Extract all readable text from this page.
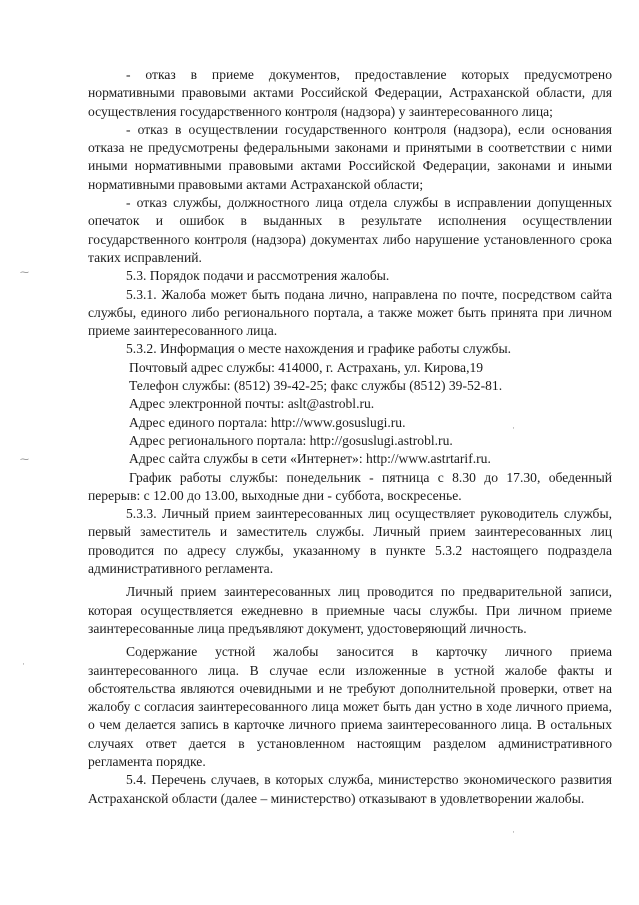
⁓
⁓
·
·
·

- отказ в приеме документов, предоставление которых предусмотрено нормативными правовыми актами Российской Федерации, Астраханской области, для осуществления государственного контроля (надзора) у заинтересованного лица;

- отказ в осуществлении государственного контроля (надзора), если основания отказа не предусмотрены федеральными законами и принятыми в соответствии с ними иными нормативными правовыми актами Российской Федерации, законами и иными нормативными правовыми актами Астраханской области;

- отказ службы, должностного лица отдела службы в исправлении допущенных опечаток и ошибок в выданных в результате исполнения осуществлении государственного контроля (надзора) документах либо нарушение установленного срока таких исправлений.

5.3. Порядок подачи и рассмотрения жалобы.

5.3.1. Жалоба может быть подана лично, направлена по почте, посредством сайта службы, единого либо регионального портала, а также может быть принята при личном приеме заинтересованного лица.

5.3.2. Информация о месте нахождения и графике работы службы.

Почтовый адрес службы: 414000, г. Астрахань, ул. Кирова,19

Телефон службы: (8512) 39-42-25; факс службы (8512) 39-52-81.

Адрес электронной почты: aslt@astrobl.ru.

Адрес единого портала: http://www.gosuslugi.ru.

Адрес регионального портала: http://gosuslugi.astrobl.ru.

Адрес сайта службы в сети «Интернет»: http://www.astrtarif.ru.

График работы службы: понедельник - пятница с 8.30 до 17.30, обеденный перерыв: с 12.00 до 13.00, выходные дни - суббота, воскресенье.

5.3.3. Личный прием заинтересованных лиц осуществляет руководитель службы, первый заместитель и заместитель службы. Личный прием заинтересованных лиц проводится по адресу службы, указанному в пункте 5.3.2 настоящего подраздела административного регламента.

Личный прием заинтересованных лиц проводится по предварительной записи, которая осуществляется ежедневно в приемные часы службы. При личном приеме заинтересованные лица предъявляют документ, удостоверяющий личность.

Содержание устной жалобы заносится в карточку личного приема заинтересованного лица. В случае если изложенные в устной жалобе факты и обстоятельства являются очевидными и не требуют дополнительной проверки, ответ на жалобу с согласия заинтересованного лица может быть дан устно в ходе личного приема, о чем делается запись в карточке личного приема заинтересованного лица. В остальных случаях ответ дается в установленном настоящим разделом административного регламента порядке.

5.4. Перечень случаев, в которых служба, министерство экономического развития Астраханской области (далее – министерство) отказывают в удовлетворении жалобы.
